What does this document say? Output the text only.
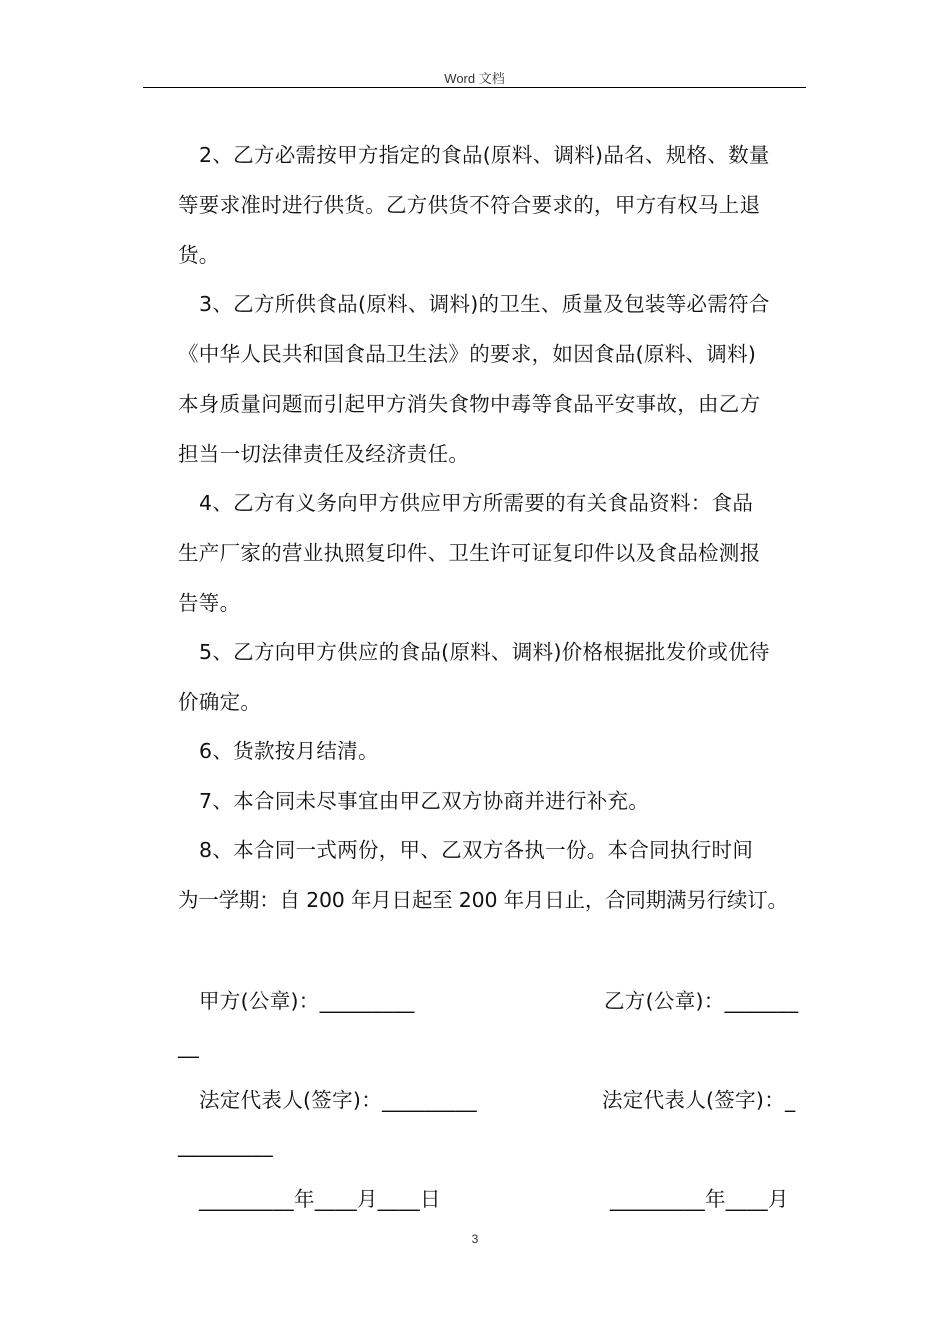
Word 文档
2、乙方必需按甲方指定的食品(原料、调料)品名、规格、数量
等要求准时进行供货。乙方供货不符合要求的，甲方有权马上退
货。
3、乙方所供食品(原料、调料)的卫生、质量及包装等必需符合
《中华人民共和国食品卫生法》的要求，如因食品(原料、调料)
本身质量问题而引起甲方消失食物中毒等食品平安事故，由乙方
担当一切法律责任及经济责任。
4、乙方有义务向甲方供应甲方所需要的有关食品资料：食品
生产厂家的营业执照复印件、卫生许可证复印件以及食品检测报
告等。
5、乙方向甲方供应的食品(原料、调料)价格根据批发价或优待
价确定。
6、货款按月结清。
7、本合同未尽事宜由甲乙双方协商并进行补充。
8、本合同一式两份，甲、乙双方各执一份。本合同执行时间
为一学期：自 200 年月日起至 200 年月日止，合同期满另行续订。
甲方(公章)：_________	乙方(公章)：_______
__
法定代表人(签字)：_________	法定代表人(签字)：_
_________
_________年____月____日	_________年____月
3
